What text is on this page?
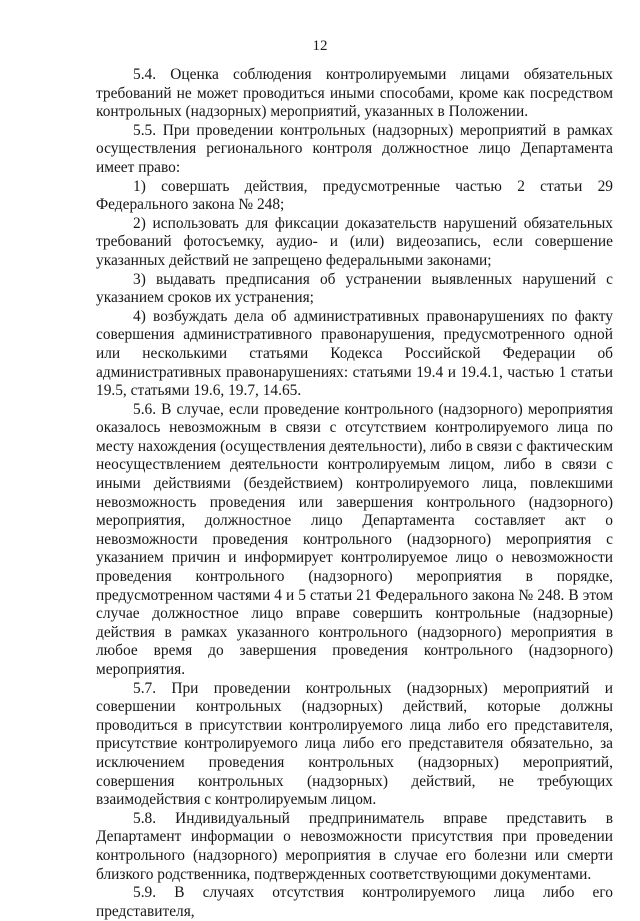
12

5.4. Оценка соблюдения контролируемыми лицами обязательных требований не может проводиться иными способами, кроме как посредством контрольных (надзорных) мероприятий, указанных в Положении.

5.5. При проведении контрольных (надзорных) мероприятий в рамках осуществления регионального контроля должностное лицо Департамента имеет право:

1) совершать действия, предусмотренные частью 2 статьи 29 Федерального закона № 248;

2) использовать для фиксации доказательств нарушений обязательных требований фотосъемку, аудио- и (или) видеозапись, если совершение указанных действий не запрещено федеральными законами;

3) выдавать предписания об устранении выявленных нарушений с указанием сроков их устранения;

4) возбуждать дела об административных правонарушениях по факту совершения административного правонарушения, предусмотренного одной или несколькими статьями Кодекса Российской Федерации об административных правонарушениях: статьями 19.4 и 19.4.1, частью 1 статьи 19.5, статьями 19.6, 19.7, 14.65.

5.6. В случае, если проведение контрольного (надзорного) мероприятия оказалось невозможным в связи с отсутствием контролируемого лица по месту нахождения (осуществления деятельности), либо в связи с фактическим неосуществлением деятельности контролируемым лицом, либо в связи с иными действиями (бездействием) контролируемого лица, повлекшими невозможность проведения или завершения контрольного (надзорного) мероприятия, должностное лицо Департамента составляет акт о невозможности проведения контрольного (надзорного) мероприятия с указанием причин и информирует контролируемое лицо о невозможности проведения контрольного (надзорного) мероприятия в порядке, предусмотренном частями 4 и 5 статьи 21 Федерального закона № 248. В этом случае должностное лицо вправе совершить контрольные (надзорные) действия в рамках указанного контрольного (надзорного) мероприятия в любое время до завершения проведения контрольного (надзорного) мероприятия.

5.7. При проведении контрольных (надзорных) мероприятий и совершении контрольных (надзорных) действий, которые должны проводиться в присутствии контролируемого лица либо его представителя, присутствие контролируемого лица либо его представителя обязательно, за исключением проведения контрольных (надзорных) мероприятий, совершения контрольных (надзорных) действий, не требующих взаимодействия с контролируемым лицом.

5.8. Индивидуальный предприниматель вправе представить в Департамент информации о невозможности присутствия при проведении контрольного (надзорного) мероприятия в случае его болезни или смерти близкого родственника, подтвержденных соответствующими документами.

5.9. В случаях отсутствия контролируемого лица либо его представителя,
